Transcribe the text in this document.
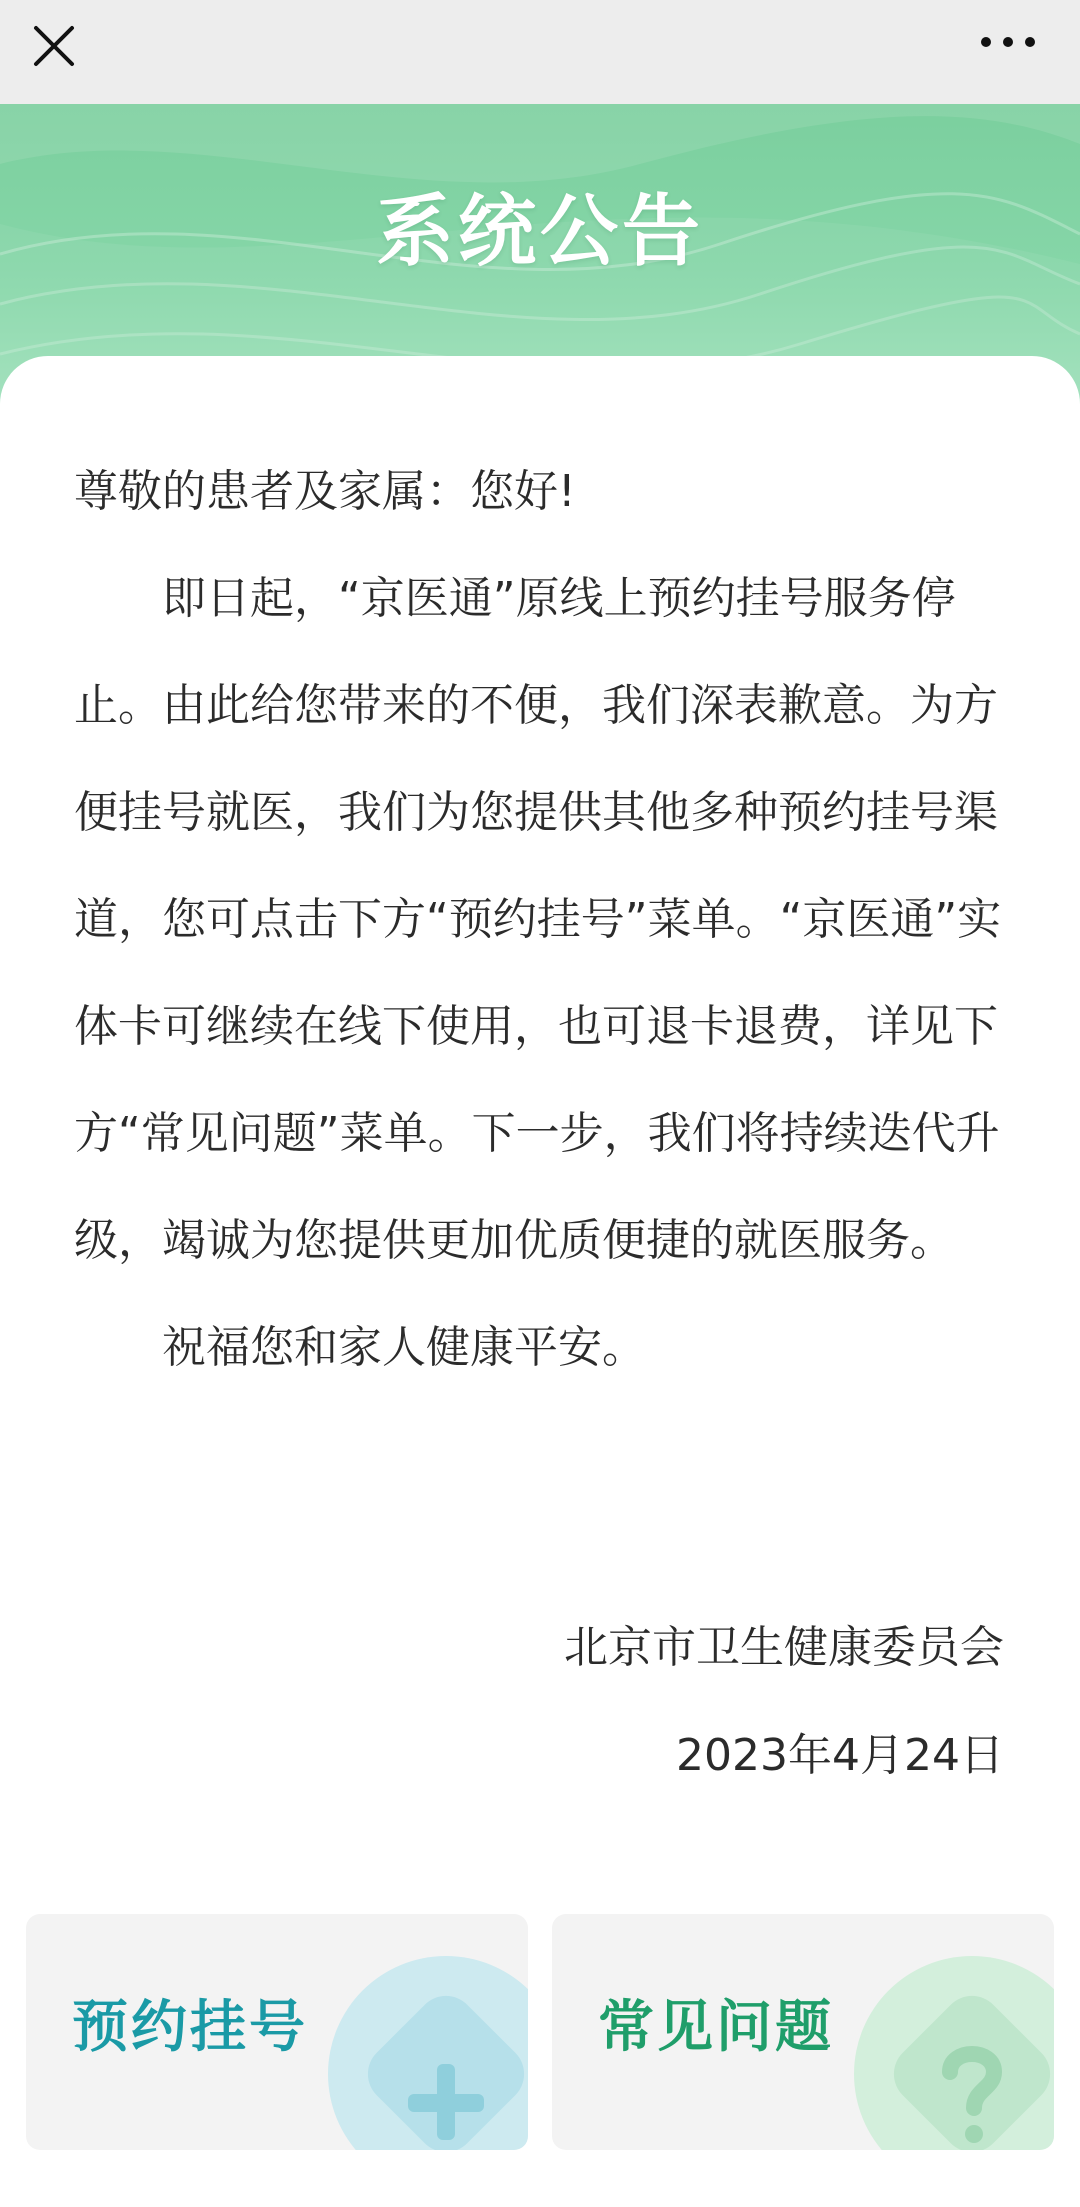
系统公告

尊敬的患者及家属：您好!

即日起，“京医通”原线上预约挂号服务停止。由此给您带来的不便，我们深表歉意。为方便挂号就医，我们为您提供其他多种预约挂号渠道，您可点击下方“预约挂号”菜单。“京医通”实体卡可继续在线下使用，也可退卡退费，详见下方“常见问题”菜单。下一步，我们将持续迭代升级，竭诚为您提供更加优质便捷的就医服务。

祝福您和家人健康平安。

北京市卫生健康委员会
2023年4月24日
预约挂号	常见问题
